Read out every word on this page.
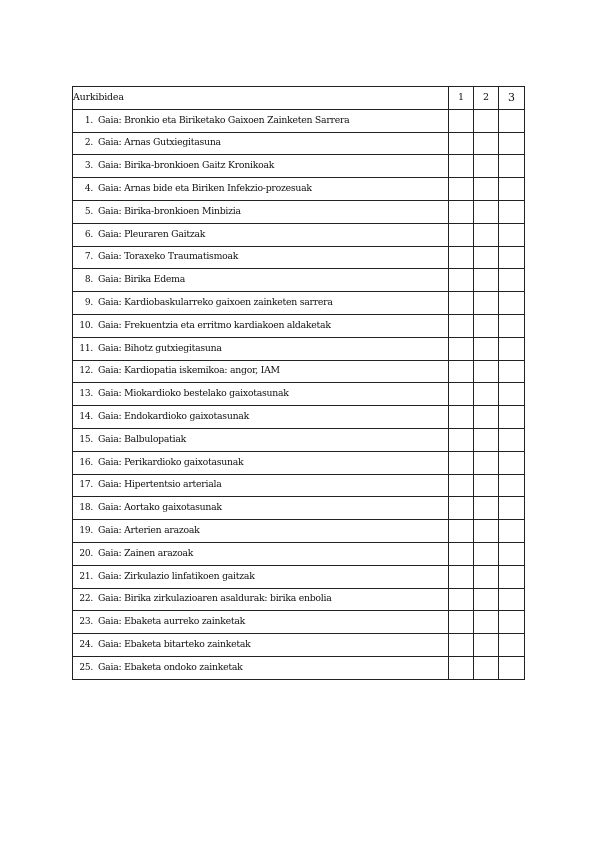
Aurkibidea	1	2	3
1. Gaia: Bronkio eta Biriketako Gaixoen Zainketen Sarrera			
2. Gaia: Arnas Gutxiegitasuna			
3. Gaia: Birika-bronkioen Gaitz Kronikoak			
4. Gaia: Arnas bide eta Biriken Infekzio-prozesuak			
5. Gaia: Birika-bronkioen Minbizia			
6. Gaia: Pleuraren Gaitzak			
7. Gaia: Toraxeko Traumatismoak			
8. Gaia: Birika Edema			
9. Gaia: Kardiobaskularreko gaixoen zainketen sarrera			
10. Gaia: Frekuentzia eta erritmo kardiakoen aldaketak			
11. Gaia: Bihotz gutxiegitasuna			
12. Gaia: Kardiopatia iskemikoa: angor, IAM			
13. Gaia: Miokardioko bestelako gaixotasunak			
14. Gaia: Endokardioko gaixotasunak			
15. Gaia: Balbulopatiak			
16. Gaia: Perikardioko gaixotasunak			
17. Gaia: Hipertentsio arteriala			
18. Gaia: Aortako gaixotasunak			
19. Gaia: Arterien arazoak			
20. Gaia: Zainen arazoak			
21. Gaia: Zirkulazio linfatikoen gaitzak			
22. Gaia: Birika zirkulazioaren asaldurak: birika enbolia			
23. Gaia: Ebaketa aurreko zainketak			
24. Gaia: Ebaketa bitarteko zainketak			
25. Gaia: Ebaketa ondoko zainketak			
